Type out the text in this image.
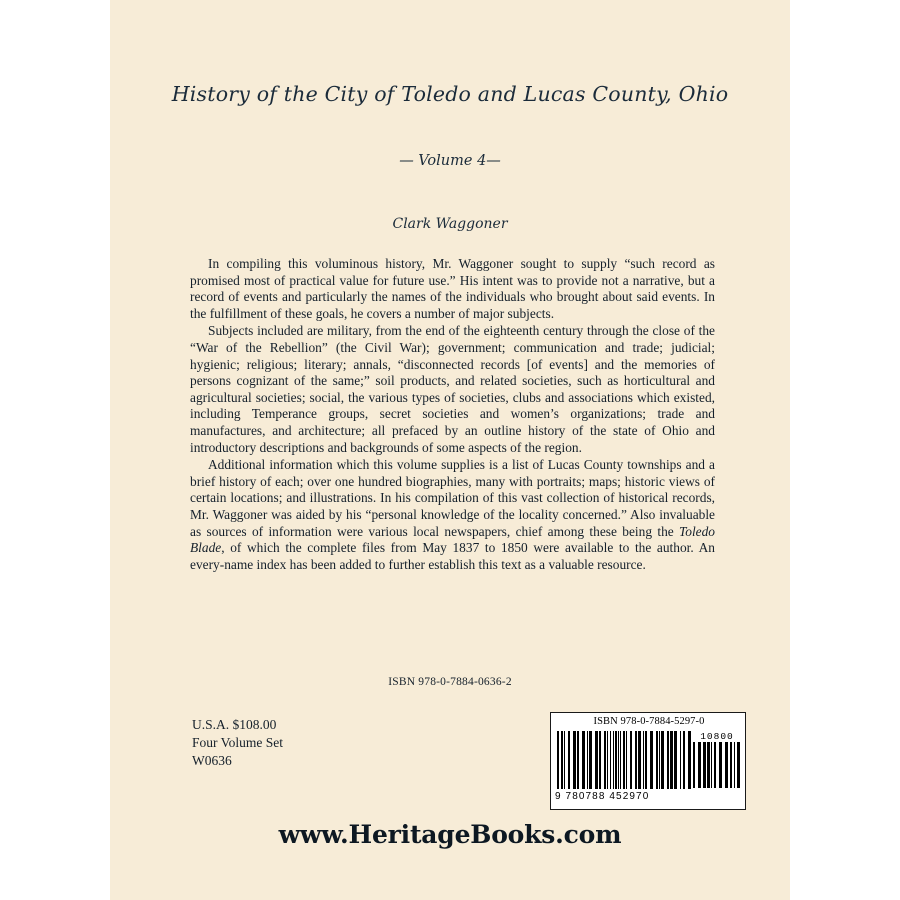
History of the City of Toledo and Lucas County, Ohio
— Volume 4—
Clark Waggoner

In compiling this voluminous history, Mr. Waggoner sought to supply “such record as promised most of practical value for future use.” His intent was to provide not a narrative, but a record of events and particularly the names of the individuals who brought about said events. In the fulfillment of these goals, he covers a number of major subjects.

Subjects included are military, from the end of the eighteenth century through the close of the “War of the Rebellion” (the Civil War); government; communication and trade; judicial; hygienic; religious; literary; annals, “disconnected records [of events] and the memories of persons cognizant of the same;” soil products, and related societies, such as horticultural and agricultural societies; social, the various types of societies, clubs and associations which existed, including Temperance groups, secret societies and women’s organizations; trade and manufactures, and architecture; all prefaced by an outline history of the state of Ohio and introductory descriptions and backgrounds of some aspects of the region.

Additional information which this volume supplies is a list of Lucas County townships and a brief history of each; over one hundred biographies, many with portraits; maps; historic views of certain locations; and illustrations. In his compilation of this vast collection of historical records, Mr. Waggoner was aided by his “personal knowledge of the locality concerned.” Also invaluable as sources of information were various local newspapers, chief among these being the Toledo Blade, of which the complete files from May 1837 to 1850 were available to the author. An every-name index has been added to further establish this text as a valuable resource.

ISBN 978-0-7884-0636-2
U.S.A. $108.00
Four Volume Set
W0636
ISBN 978-0-7884-5297-0
10800
9 780788 452970
www.HeritageBooks.com
